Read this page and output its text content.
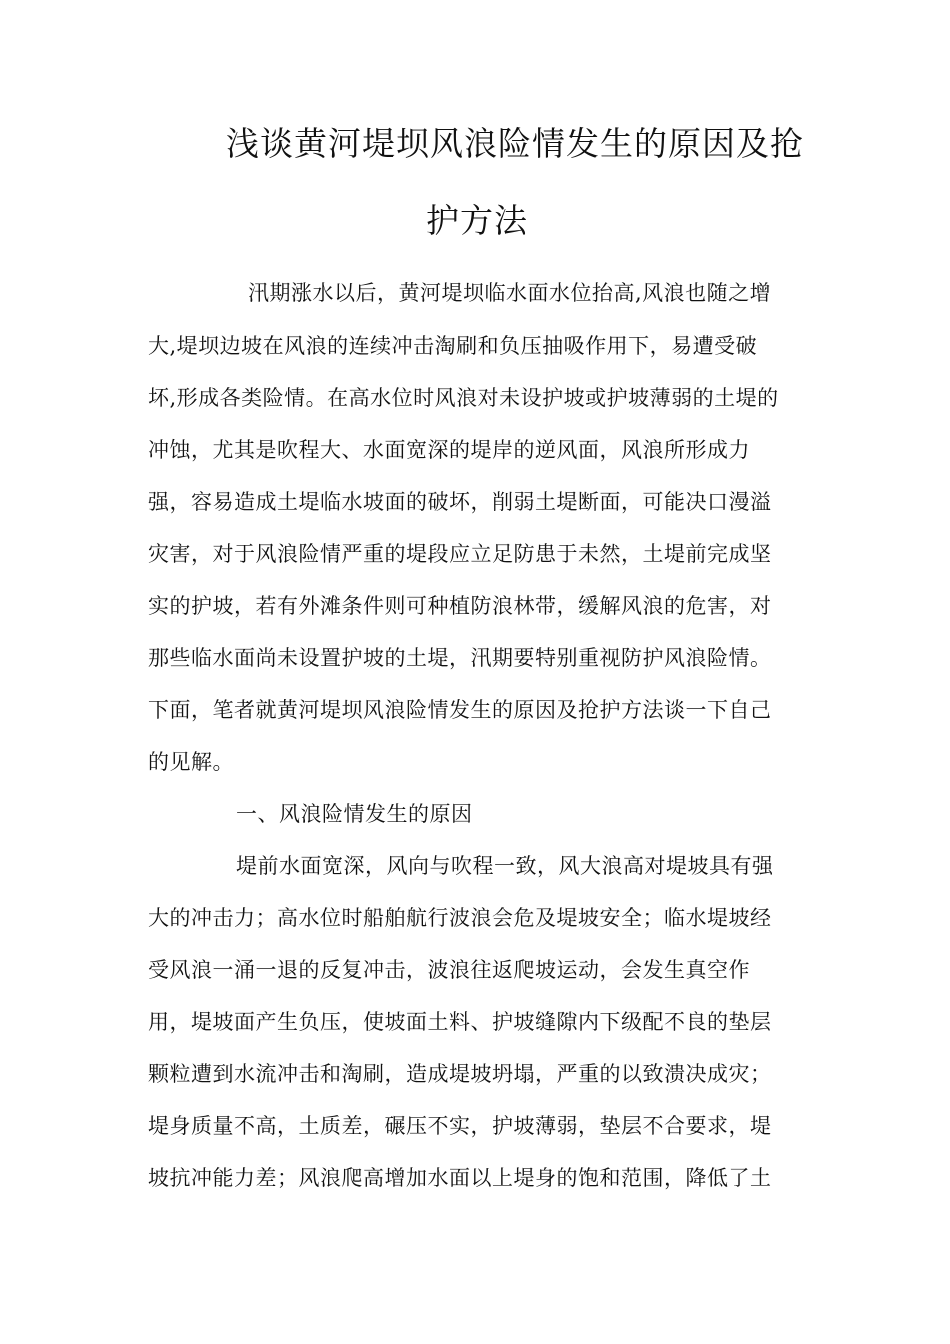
浅谈黄河堤坝风浪险情发生的原因及抢
护方法

汛期涨水以后，黄河堤坝临水面水位抬高,风浪也随之增

大,堤坝边坡在风浪的连续冲击淘刷和负压抽吸作用下，易遭受破

坏,形成各类险情。在高水位时风浪对未设护坡或护坡薄弱的土堤的

冲蚀，尤其是吹程大、水面宽深的堤岸的逆风面，风浪所形成力

强，容易造成土堤临水坡面的破坏，削弱土堤断面，可能决口漫溢

灾害，对于风浪险情严重的堤段应立足防患于未然，土堤前完成坚

实的护坡，若有外滩条件则可种植防浪林带，缓解风浪的危害，对

那些临水面尚未设置护坡的土堤，汛期要特别重视防护风浪险情。

下面，笔者就黄河堤坝风浪险情发生的原因及抢护方法谈一下自己

的见解。

一、风浪险情发生的原因

堤前水面宽深，风向与吹程一致，风大浪高对堤坡具有强

大的冲击力；高水位时船舶航行波浪会危及堤坡安全；临水堤坡经

受风浪一涌一退的反复冲击，波浪往返爬坡运动，会发生真空作

用，堤坡面产生负压，使坡面土料、护坡缝隙内下级配不良的垫层

颗粒遭到水流冲击和淘刷，造成堤坡坍塌，严重的以致溃决成灾；

堤身质量不高，土质差，碾压不实，护坡薄弱，垫层不合要求，堤

坡抗冲能力差；风浪爬高增加水面以上堤身的饱和范围，降低了土
